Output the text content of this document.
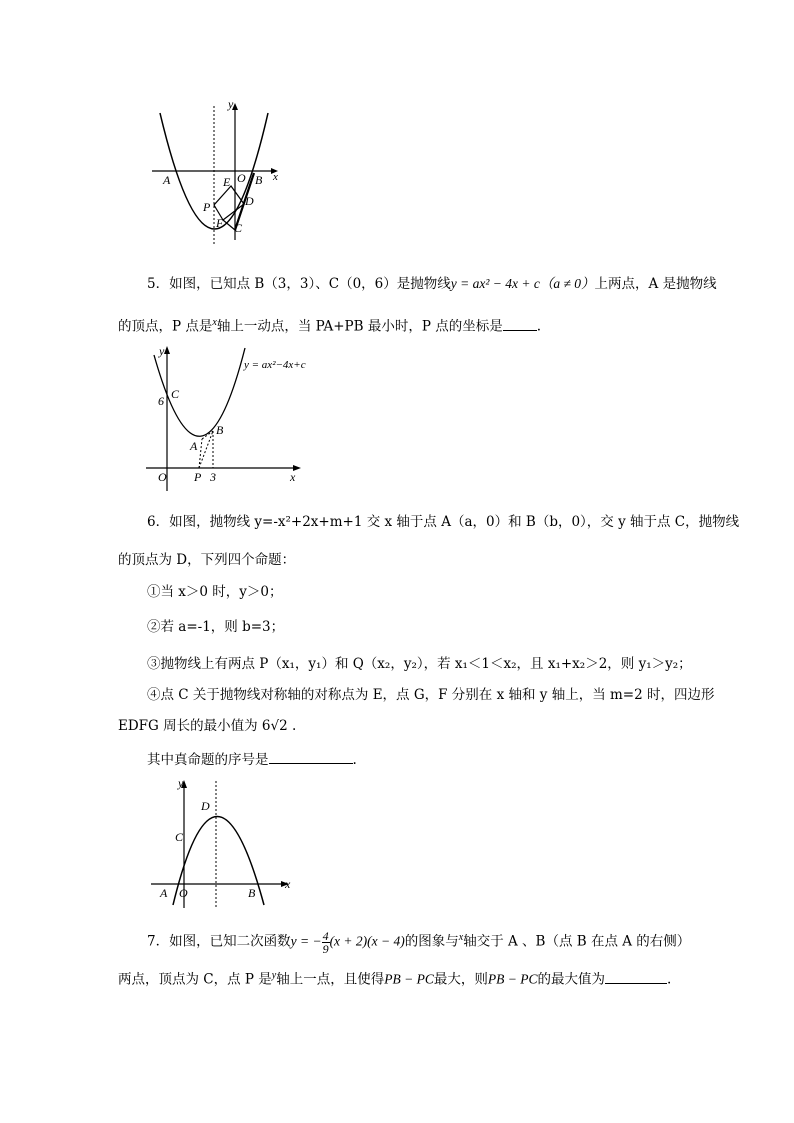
y
x
A	E O B
D
P
F C
5．如图，已知点 B（3，3）、C（0，6）是抛物线y = ax² − 4x + c（a ≠ 0）上两点，A 是抛物线
的顶点，P 点是$^x$轴上一动点，当 PA+PB 最小时，P 点的坐标是	.
y
y = ax²−4x+c
6 C
B
A
O P 3	x
6．如图，抛物线 y=-x²+2x+m+1 交 x 轴于点 A（a，0）和 B（b，0），交 y 轴于点 C，抛物线
的顶点为 D，下列四个命题：
①当 x＞0 时，y＞0；
②若 a=-1，则 b=3；
③抛物线上有两点 P（x₁，y₁）和 Q（x₂，y₂），若 x₁＜1＜x₂，且 x₁+x₂＞2，则 y₁＞y₂；
④点 C 关于抛物线对称轴的对称点为 E，点 G，F 分别在 x 轴和 y 轴上，当 m=2 时，四边形
EDFG 周长的最小值为 6√2 .
其中真命题的序号是	.
y
D
C
A O	B
x
7．如图，已知二次函数y = − $\frac{4}{9} (x + 2)(x - 4)$的图象与$^x$轴交于 A 、B（点 B 在点 A 的右侧）
两点，顶点为 C，点 P 是$^y$轴上一点，且使得PB − PC最大，则PB − PC的最大值为	.
